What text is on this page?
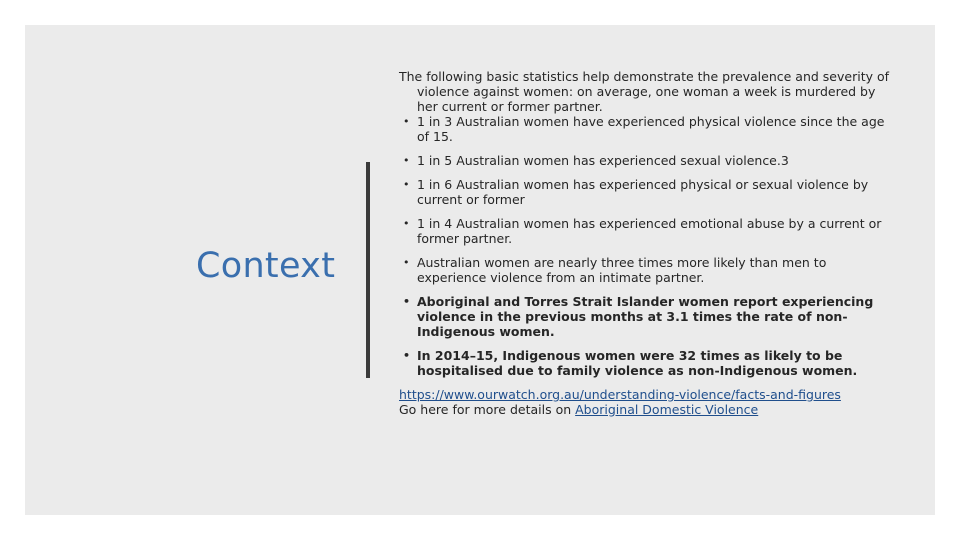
Context

The following basic statistics help demonstrate the prevalence and severity of violence against women: on average, one woman a week is murdered by her current or former partner.

• 1 in 3 Australian women have experienced physical violence since the age of 15.
• 1 in 5 Australian women has experienced sexual violence.3
• 1 in 6 Australian women has experienced physical or sexual violence by current or former
• 1 in 4 Australian women has experienced emotional abuse by a current or former partner.
• Australian women are nearly three times more likely than men to experience violence from an intimate partner.
• Aboriginal and Torres Strait Islander women report experiencing violence in the previous months at 3.1 times the rate of non- Indigenous women.
• In 2014–15, Indigenous women were 32 times as likely to be hospitalised due to family violence as non-Indigenous women.

https://www.ourwatch.org.au/understanding-violence/facts-and-figures

Go here for more details on Aboriginal Domestic Violence
